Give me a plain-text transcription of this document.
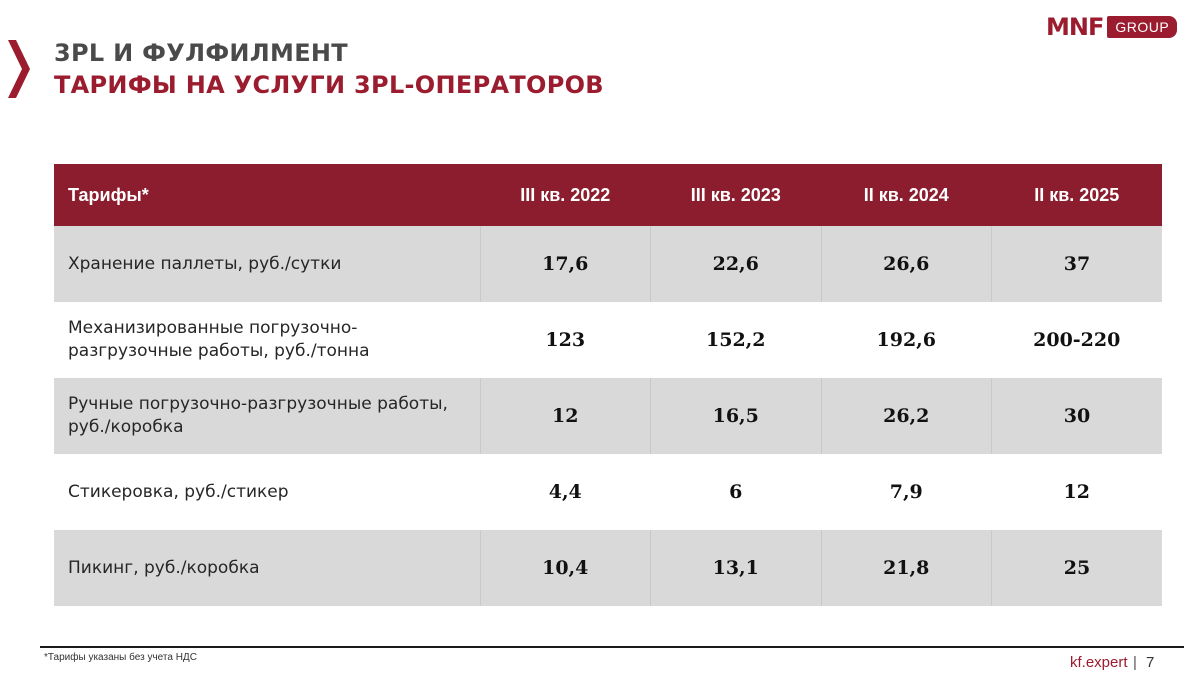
3PL И ФУЛФИЛМЕНТ
ТАРИФЫ НА УСЛУГИ 3PL-ОПЕРАТОРОВ
MNF GROUP
Тарифы*	III кв. 2022	III кв. 2023	II кв. 2024	II кв. 2025
Хранение паллеты, руб./сутки	17,6	22,6	26,6	37
Механизированные погрузочно-разгрузочные работы, руб./тонна	123	152,2	192,6	200-220
Ручные погрузочно-разгрузочные работы, руб./коробка	12	16,5	26,2	30
Стикеровка, руб./стикер	4,4	6	7,9	12
Пикинг, руб./коробка	10,4	13,1	21,8	25
*Тарифы указаны без учета НДС	kf.expert | 7
